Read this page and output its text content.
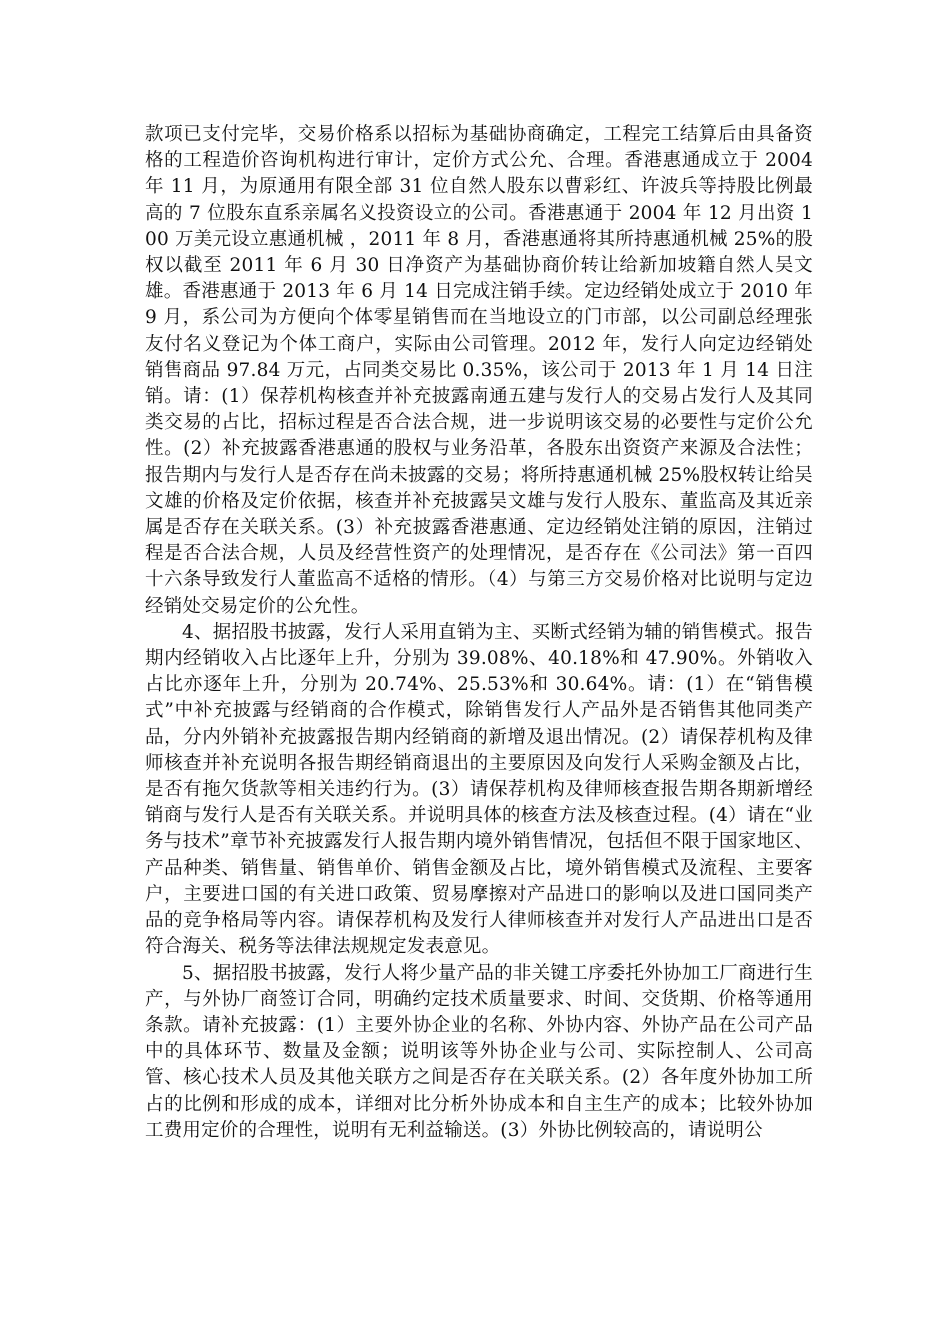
款项已支付完毕，交易价格系以招标为基础协商确定，工程完工结算后由具备资格的工程造价咨询机构进行审计，定价方式公允、合理。香港惠通成立于 2004 年 11 月，为原通用有限全部 31 位自然人股东以曹彩红、许波兵等持股比例最高的 7 位股东直系亲属名义投资设立的公司。香港惠通于 2004 年 12 月出资 100 万美元设立惠通机械 ，2011 年 8 月，香港惠通将其所持惠通机械 25%的股权以截至 2011 年 6 月 30 日净资产为基础协商价转让给新加坡籍自然人吴文雄。香港惠通于 2013 年 6 月 14 日完成注销手续。定边经销处成立于 2010 年 9 月，系公司为方便向个体零星销售而在当地设立的门市部，以公司副总经理张友付名义登记为个体工商户，实际由公司管理。2012 年，发行人向定边经销处销售商品 97.84 万元，占同类交易比 0.35%，该公司于 2013 年 1 月 14 日注销。请：(1）保荐机构核查并补充披露南通五建与发行人的交易占发行人及其同类交易的占比，招标过程是否合法合规，进一步说明该交易的必要性与定价公允性。(2）补充披露香港惠通的股权与业务沿革，各股东出资资产来源及合法性；报告期内与发行人是否存在尚未披露的交易；将所持惠通机械 25%股权转让给吴文雄的价格及定价依据，核查并补充披露吴文雄与发行人股东、董监高及其近亲属是否存在关联关系。(3）补充披露香港惠通、定边经销处注销的原因，注销过程是否合法合规，人员及经营性资产的处理情况，是否存在《公司法》第一百四十六条导致发行人董监高不适格的情形。（4）与第三方交易价格对比说明与定边经销处交易定价的公允性。

4、据招股书披露，发行人采用直销为主、买断式经销为辅的销售模式。报告期内经销收入占比逐年上升，分别为 39.08%、40.18%和 47.90%。外销收入占比亦逐年上升，分别为 20.74%、25.53%和 30.64%。请：(1）在“销售模式”中补充披露与经销商的合作模式，除销售发行人产品外是否销售其他同类产品，分内外销补充披露报告期内经销商的新增及退出情况。(2）请保荐机构及律师核查并补充说明各报告期经销商退出的主要原因及向发行人采购金额及占比，是否有拖欠货款等相关违约行为。(3）请保荐机构及律师核查报告期各期新增经销商与发行人是否有关联关系。并说明具体的核查方法及核查过程。(4）请在“业务与技术”章节补充披露发行人报告期内境外销售情况，包括但不限于国家地区、产品种类、销售量、销售单价、销售金额及占比，境外销售模式及流程、主要客户，主要进口国的有关进口政策、贸易摩擦对产品进口的影响以及进口国同类产品的竞争格局等内容。请保荐机构及发行人律师核查并对发行人产品进出口是否符合海关、税务等法律法规规定发表意见。

5、据招股书披露，发行人将少量产品的非关键工序委托外协加工厂商进行生产，与外协厂商签订合同，明确约定技术质量要求、时间、交货期、价格等通用条款。请补充披露：(1）主要外协企业的名称、外协内容、外协产品在公司产品中的具体环节、数量及金额；说明该等外协企业与公司、实际控制人、公司高管、核心技术人员及其他关联方之间是否存在关联关系。(2）各年度外协加工所占的比例和形成的成本，详细对比分析外协成本和自主生产的成本；比较外协加工费用定价的合理性，说明有无利益输送。(3）外协比例较高的，请说明公
